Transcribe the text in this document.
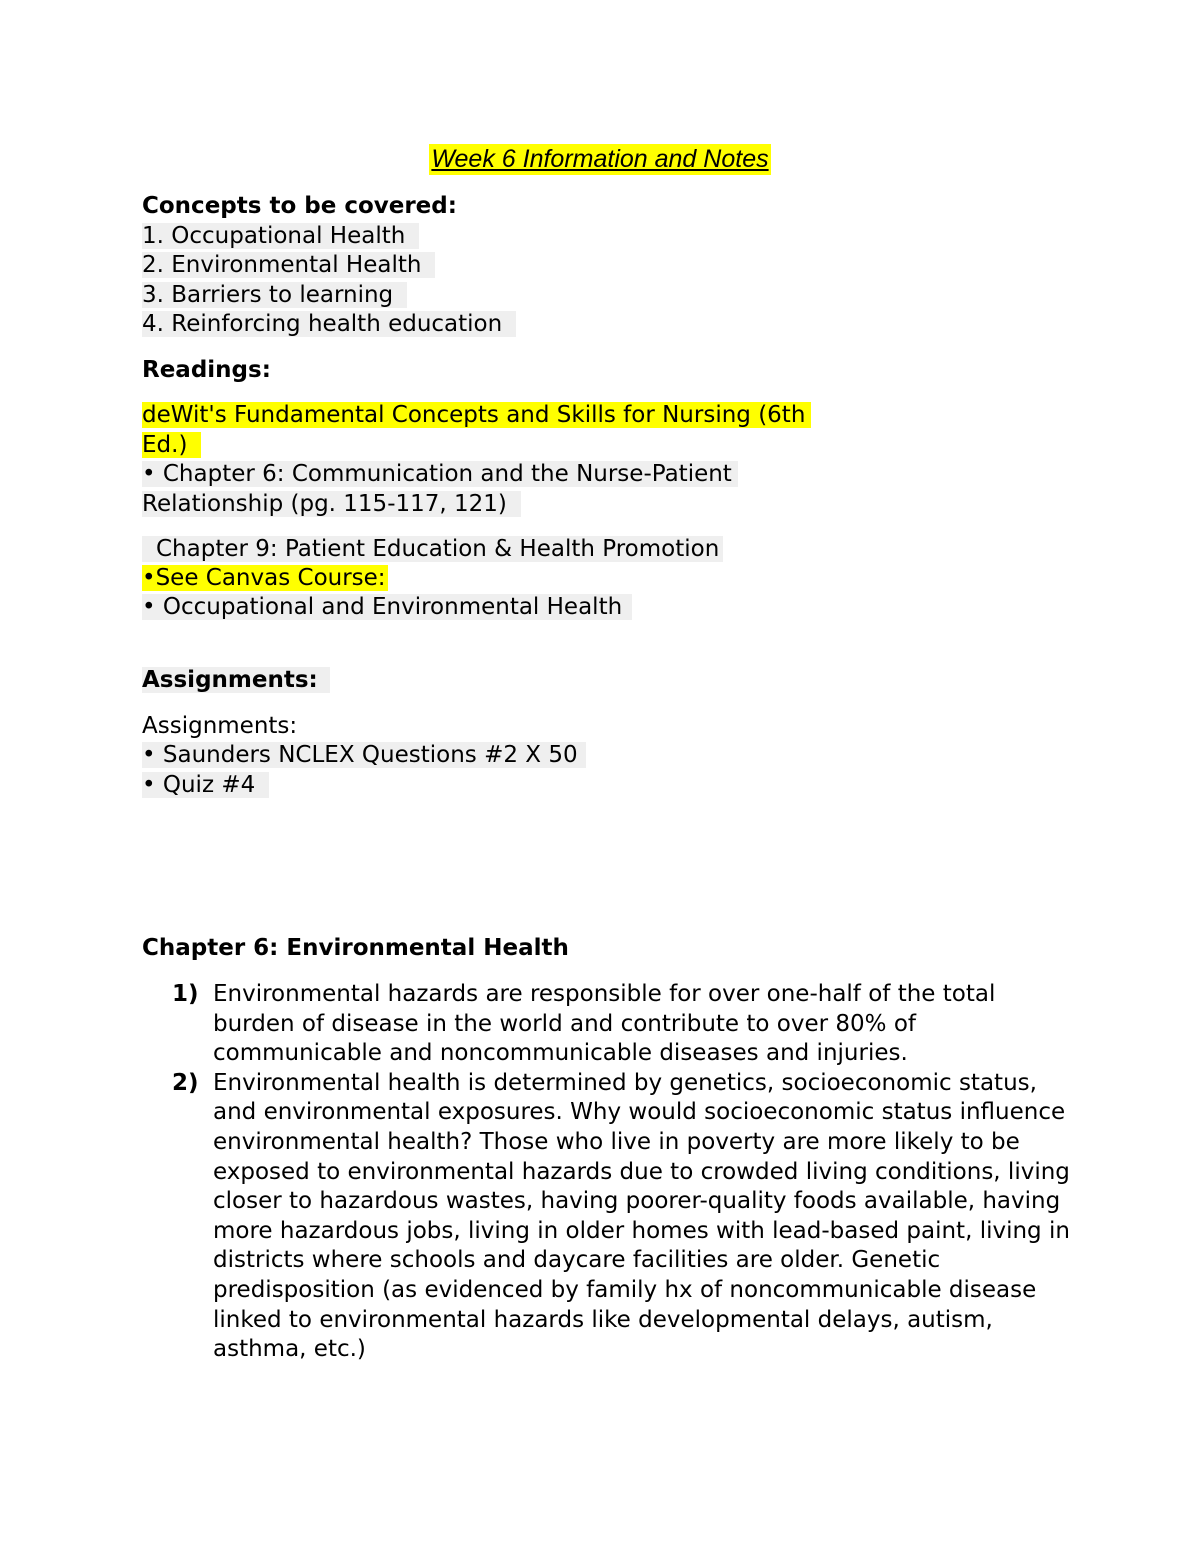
Week 6 Information and Notes
Concepts to be covered:
1. Occupational Health
2. Environmental Health
3. Barriers to learning
4. Reinforcing health education
Readings:
deWit's Fundamental Concepts and Skills for Nursing (6th
Ed.)
• Chapter 6: Communication and the Nurse-Patient
Relationship (pg. 115-117, 121)
Chapter 9: Patient Education & Health Promotion
•See Canvas Course:
• Occupational and Environmental Health
Assignments:
Assignments:
• Saunders NCLEX Questions #2 X 50
• Quiz #4
Chapter 6: Environmental Health
1) Environmental hazards are responsible for over one-half of the total burden of disease in the world and contribute to over 80% of communicable and noncommunicable diseases and injuries.
2) Environmental health is determined by genetics, socioeconomic status, and environmental exposures. Why would socioeconomic status influence environmental health? Those who live in poverty are more likely to be exposed to environmental hazards due to crowded living conditions, living closer to hazardous wastes, having poorer-quality foods available, having more hazardous jobs, living in older homes with lead-based paint, living in districts where schools and daycare facilities are older. Genetic predisposition (as evidenced by family hx of noncommunicable disease linked to environmental hazards like developmental delays, autism, asthma, etc.)
